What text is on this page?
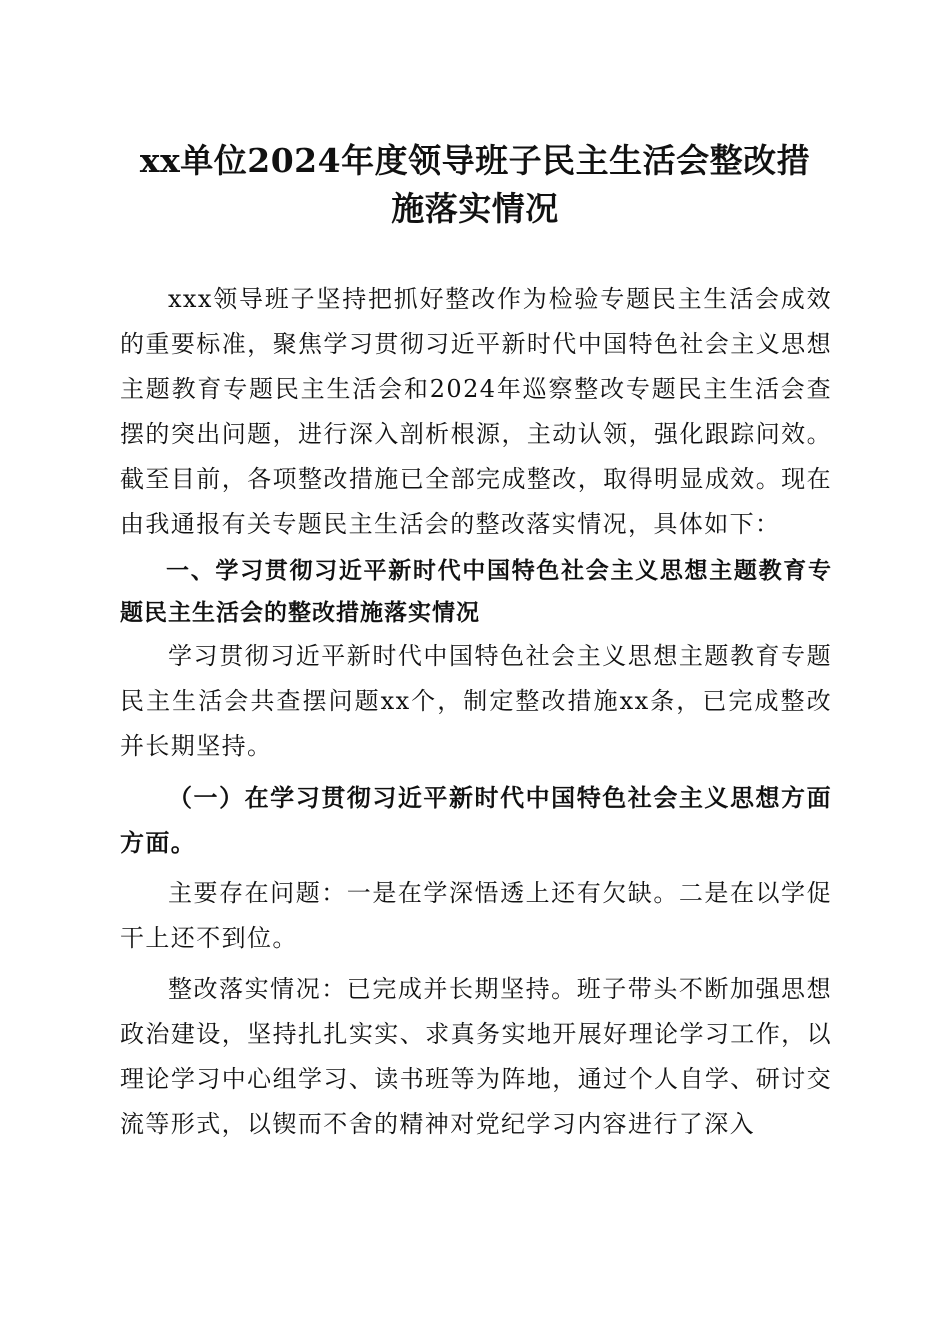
xx单位2024年度领导班子民主生活会整改措
施落实情况

xxx领导班子坚持把抓好整改作为检验专题民主生活会成效的重要标准，聚焦学习贯彻习近平新时代中国特色社会主义思想主题教育专题民主生活会和2024年巡察整改专题民主生活会查摆的突出问题，进行深入剖析根源，主动认领，强化跟踪问效。截至目前，各项整改措施已全部完成整改，取得明显成效。现在由我通报有关专题民主生活会的整改落实情况，具体如下：

一、学习贯彻习近平新时代中国特色社会主义思想主题教育专题民主生活会的整改措施落实情况

学习贯彻习近平新时代中国特色社会主义思想主题教育专题民主生活会共查摆问题xx个，制定整改措施xx条，已完成整改并长期坚持。

（一）在学习贯彻习近平新时代中国特色社会主义思想方面方面。

主要存在问题：一是在学深悟透上还有欠缺。二是在以学促干上还不到位。

整改落实情况：已完成并长期坚持。班子带头不断加强思想政治建设，坚持扎扎实实、求真务实地开展好理论学习工作，以理论学习中心组学习、读书班等为阵地，通过个人自学、研讨交流等形式，以锲而不舍的精神对党纪学习内容进行了深入
